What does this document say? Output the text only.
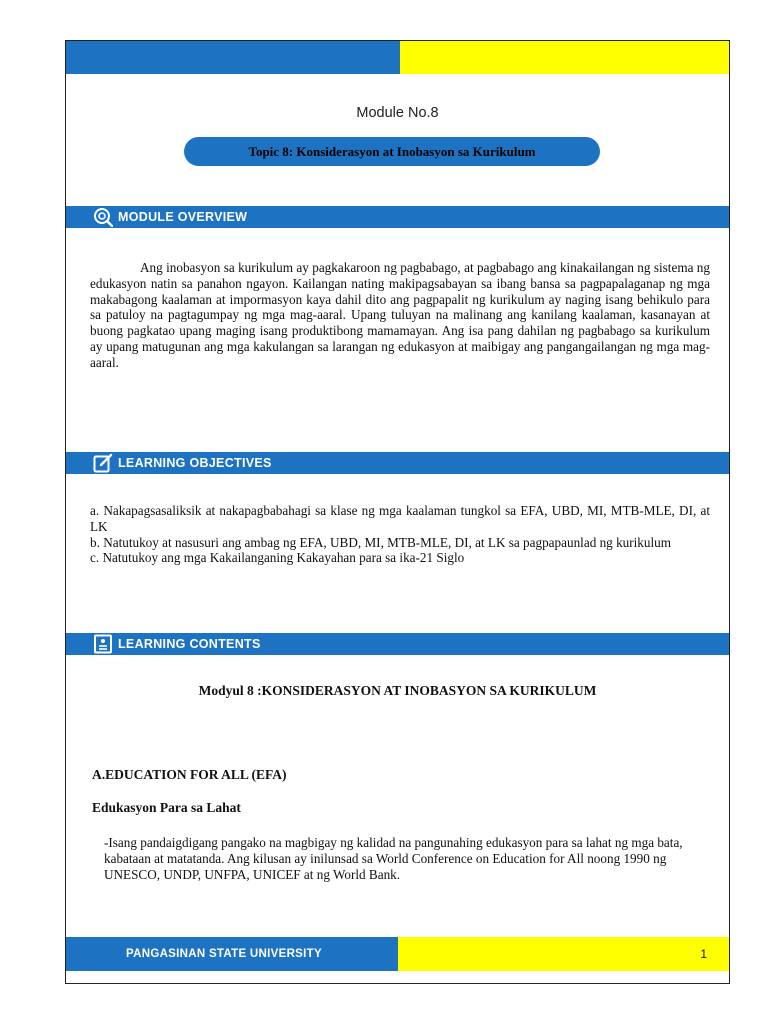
Module No.8
Topic 8: Konsiderasyon at Inobasyon sa Kurikulum
MODULE OVERVIEW
Ang inobasyon sa kurikulum ay pagkakaroon ng pagbabago, at pagbabago ang kinakailangan ng sistema ng edukasyon natin sa panahon ngayon. Kailangan nating makipagsabayan sa ibang bansa sa pagpapalaganap ng mga makabagong kaalaman at impormasyon kaya dahil dito ang pagpapalit ng kurikulum ay naging isang behikulo para sa patuloy na pagtagumpay ng mga mag-aaral. Upang tuluyan na malinang ang kanilang kaalaman, kasanayan at buong pagkatao upang maging isang produktibong mamamayan. Ang isa pang dahilan ng pagbabago sa kurikulum ay upang matugunan ang mga kakulangan sa larangan ng edukasyon at maibigay ang pangangailangan ng mga mag-aaral.
LEARNING OBJECTIVES

a. Nakapagsasaliksik at nakapagbabahagi sa klase ng mga kaalaman tungkol sa EFA, UBD, MI, MTB-MLE, DI, at LK

b. Natutukoy at nasusuri ang ambag ng EFA, UBD, MI, MTB-MLE, DI, at LK sa pagpapaunlad ng kurikulum

c. Natutukoy ang mga Kakailanganing Kakayahan para sa ika-21 Siglo

LEARNING CONTENTS
Modyul 8 :KONSIDERASYON AT INOBASYON SA KURIKULUM
A.EDUCATION FOR ALL (EFA)
Edukasyon Para sa Lahat
-Isang pandaigdigang pangako na magbigay ng kalidad na pangunahing edukasyon para sa lahat ng mga bata, kabataan at matatanda. Ang kilusan ay inilunsad sa World Conference on Education for All noong 1990 ng UNESCO, UNDP, UNFPA, UNICEF at ng World Bank.
PANGASINAN STATE UNIVERSITY	1
